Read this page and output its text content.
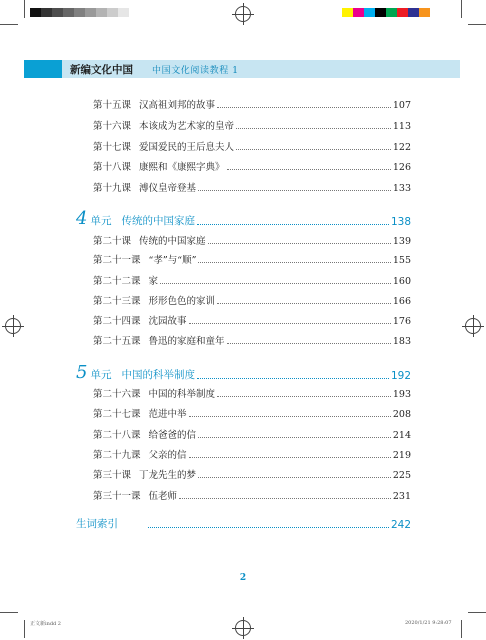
新编文化中国 中国文化阅读教程 1
第十五课 汉高祖刘邦的故事	107
第十六课 本该成为艺术家的皇帝	113
第十七课 爱国爱民的王后息夫人	122
第十八课 康熙和《康熙字典》	126
第十九课 溥仪皇帝登基	133
4 单元 传统的中国家庭	138
第二十课 传统的中国家庭	139
第二十一课 “孝”与“顺”	155
第二十二课 家	160
第二十三课 形形色色的家训	166
第二十四课 沈园故事	176
第二十五课 鲁迅的家庭和童年	183
5 单元 中国的科举制度	192
第二十六课 中国的科举制度	193
第二十七课 范进中举	208
第二十八课 给爸爸的信	214
第二十九课 父亲的信	219
第三十课 丁龙先生的梦	225
第三十一课 伍老师	231
生词索引	242
2
正文新indd 2	2020/1/21 9:28:07
